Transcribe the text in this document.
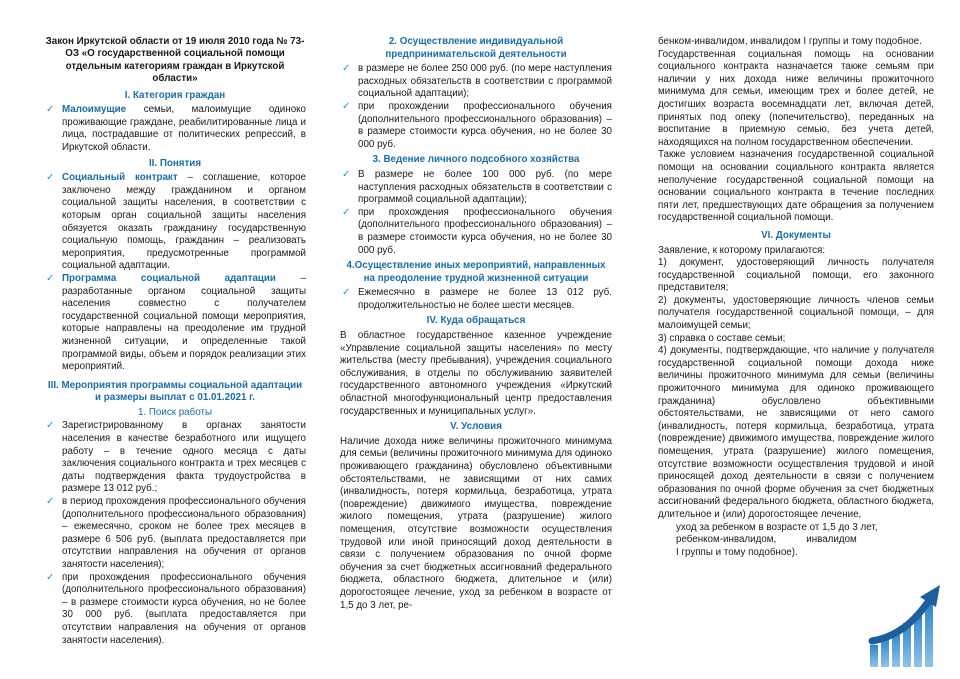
Закон Иркутской области от 19 июля 2010 года № 73-ОЗ «О государственной социальной помощи отдельным категориям граждан в Иркутской области»
I. Категория граждан
✓ Малоимущие семьи, малоимущие одиноко проживающие граждане, реабилитированные лица и лица, пострадавшие от политических репрессий, в Иркутской области.
II. Понятия
✓ Социальный контракт – соглашение, которое заключено между гражданином и органом социальной защиты населения, в соответствии с которым орган социальной защиты населения обязуется оказать гражданину государственную социальную помощь, гражданин – реализовать мероприятия, предусмотренные программой социальной адаптации.
✓ Программа социальной адаптации – разработанные органом социальной защиты населения совместно с получателем государственной социальной помощи мероприятия, которые направлены на преодоление им трудной жизненной ситуации, и определенные такой программой виды, объем и порядок реализации этих мероприятий.
III. Мероприятия программы социальной адаптации и размеры выплат с 01.01.2021 г.
1. Поиск работы
✓ Зарегистрированному в органах занятости населения в качестве безработного или ищущего работу – в течение одного месяца с даты заключения социального контракта и трех месяцев с даты подтверждения факта трудоустройства в размере 13 012 руб.;
✓ в период прохождения профессионального обучения (дополнительного профессионального образования) – ежемесячно, сроком не более трех месяцев в размере 6 506 руб. (выплата предоставляется при отсутствии направления на обучения от органов занятости населения);
✓ при прохождения профессионального обучения (дополнительного профессионального образования) – в размере стоимости курса обучения, но не более 30 000 руб. (выплата предоставляется при отсутствии направления на обучения от органов занятости населения).
2. Осуществление индивидуальной предпринимательской деятельности
✓ в размере не более 250 000 руб. (по мере наступления расходных обязательств в соответствии с программой социальной адаптации);
✓ при прохождении профессионального обучения (дополнительного профессионального образования) – в размере стоимости курса обучения, но не более 30 000 руб.
3. Ведение личного подсобного хозяйства
✓ В размере не более 100 000 руб. (по мере наступления расходных обязательств в соответствии с программой социальной адаптации);
✓ при прохождения профессионального обучения (дополнительного профессионального образования) – в размере стоимости курса обучения, но не более 30 000 руб.
4.Осуществление иных мероприятий, направленных на преодоление трудной жизненной ситуации
✓ Ежемесячно в размере не более 13 012 руб. продолжительностью не более шести месяцев.
IV. Куда обращаться
В областное государственное казенное учреждение «Управление социальной защиты населения» по месту жительства (месту пребывания), учреждения социального обслуживания, в отделы по обслуживанию заявителей государственного автономного учреждения «Иркутский областной многофункциональный центр предоставления государственных и муниципальных услуг».
V. Условия
Наличие дохода ниже величины прожиточного минимума для семьи (величины прожиточного минимума для одиноко проживающего гражданина) обусловлено объективными обстоятельствами, не зависящими от них самих (инвалидность, потеря кормильца, безработица, утрата (повреждение) движимого имущества, повреждение жилого помещения, утрата (разрушение) жилого помещения, отсутствие возможности осуществления трудовой или иной приносящий доход деятельности в связи с получением образования по очной форме обучения за счет бюджетных ассигнований федерального бюджета, областного бюджета, длительное и (или) дорогостоящее лечение, уход за ребенком в возрасте от 1,5 до 3 лет, ре-
бенком-инвалидом, инвалидом I группы и тому подобное.
Государственная социальная помощь на основании социального контракта назначается также семьям при наличии у них дохода ниже величины прожиточного минимума для семьи, имеющим трех и более детей, не достигших возраста восемнадцати лет, включая детей, принятых под опеку (попечительство), переданных на воспитание в приемную семью, без учета детей, находящихся на полном государственном обеспечении.
Также условием назначения государственной социальной помощи на основании социального контракта является неполучение государственной социальной помощи на основании социального контракта в течение последних пяти лет, предшествующих дате обращения за получением государственной социальной помощи.
VI. Документы
Заявление, к которому прилагаются:
1) документ, удостоверяющий личность получателя государственной социальной помощи, его законного представителя;
2) документы, удостоверяющие личность членов семьи получателя государственной социальной помощи, – для малоимущей семьи;
3) справка о составе семьи;
4) документы, подтверждающие, что наличие у получателя государственной социальной помощи дохода ниже величины прожиточного минимума для семьи (величины прожиточного минимума для одиноко проживающего гражданина) обусловлено объективными обстоятельствами, не зависящими от него самого (инвалидность, потеря кормильца, безработица, утрата (повреждение) движимого имущества, повреждение жилого помещения, утрата (разрушение) жилого помещения, отсутствие возможности осуществления трудовой и иной приносящей доход деятельности в связи с получением образования по очной форме обучения за счет бюджетных ассигнований федерального бюджета, областного бюджета, длительное и (или) дорогостоящее лечение,
уход за ребенком в возрасте от 1,5 до 3 лет,
ребенком-инвалидом,	инвалидом
I группы и тому подобное).
